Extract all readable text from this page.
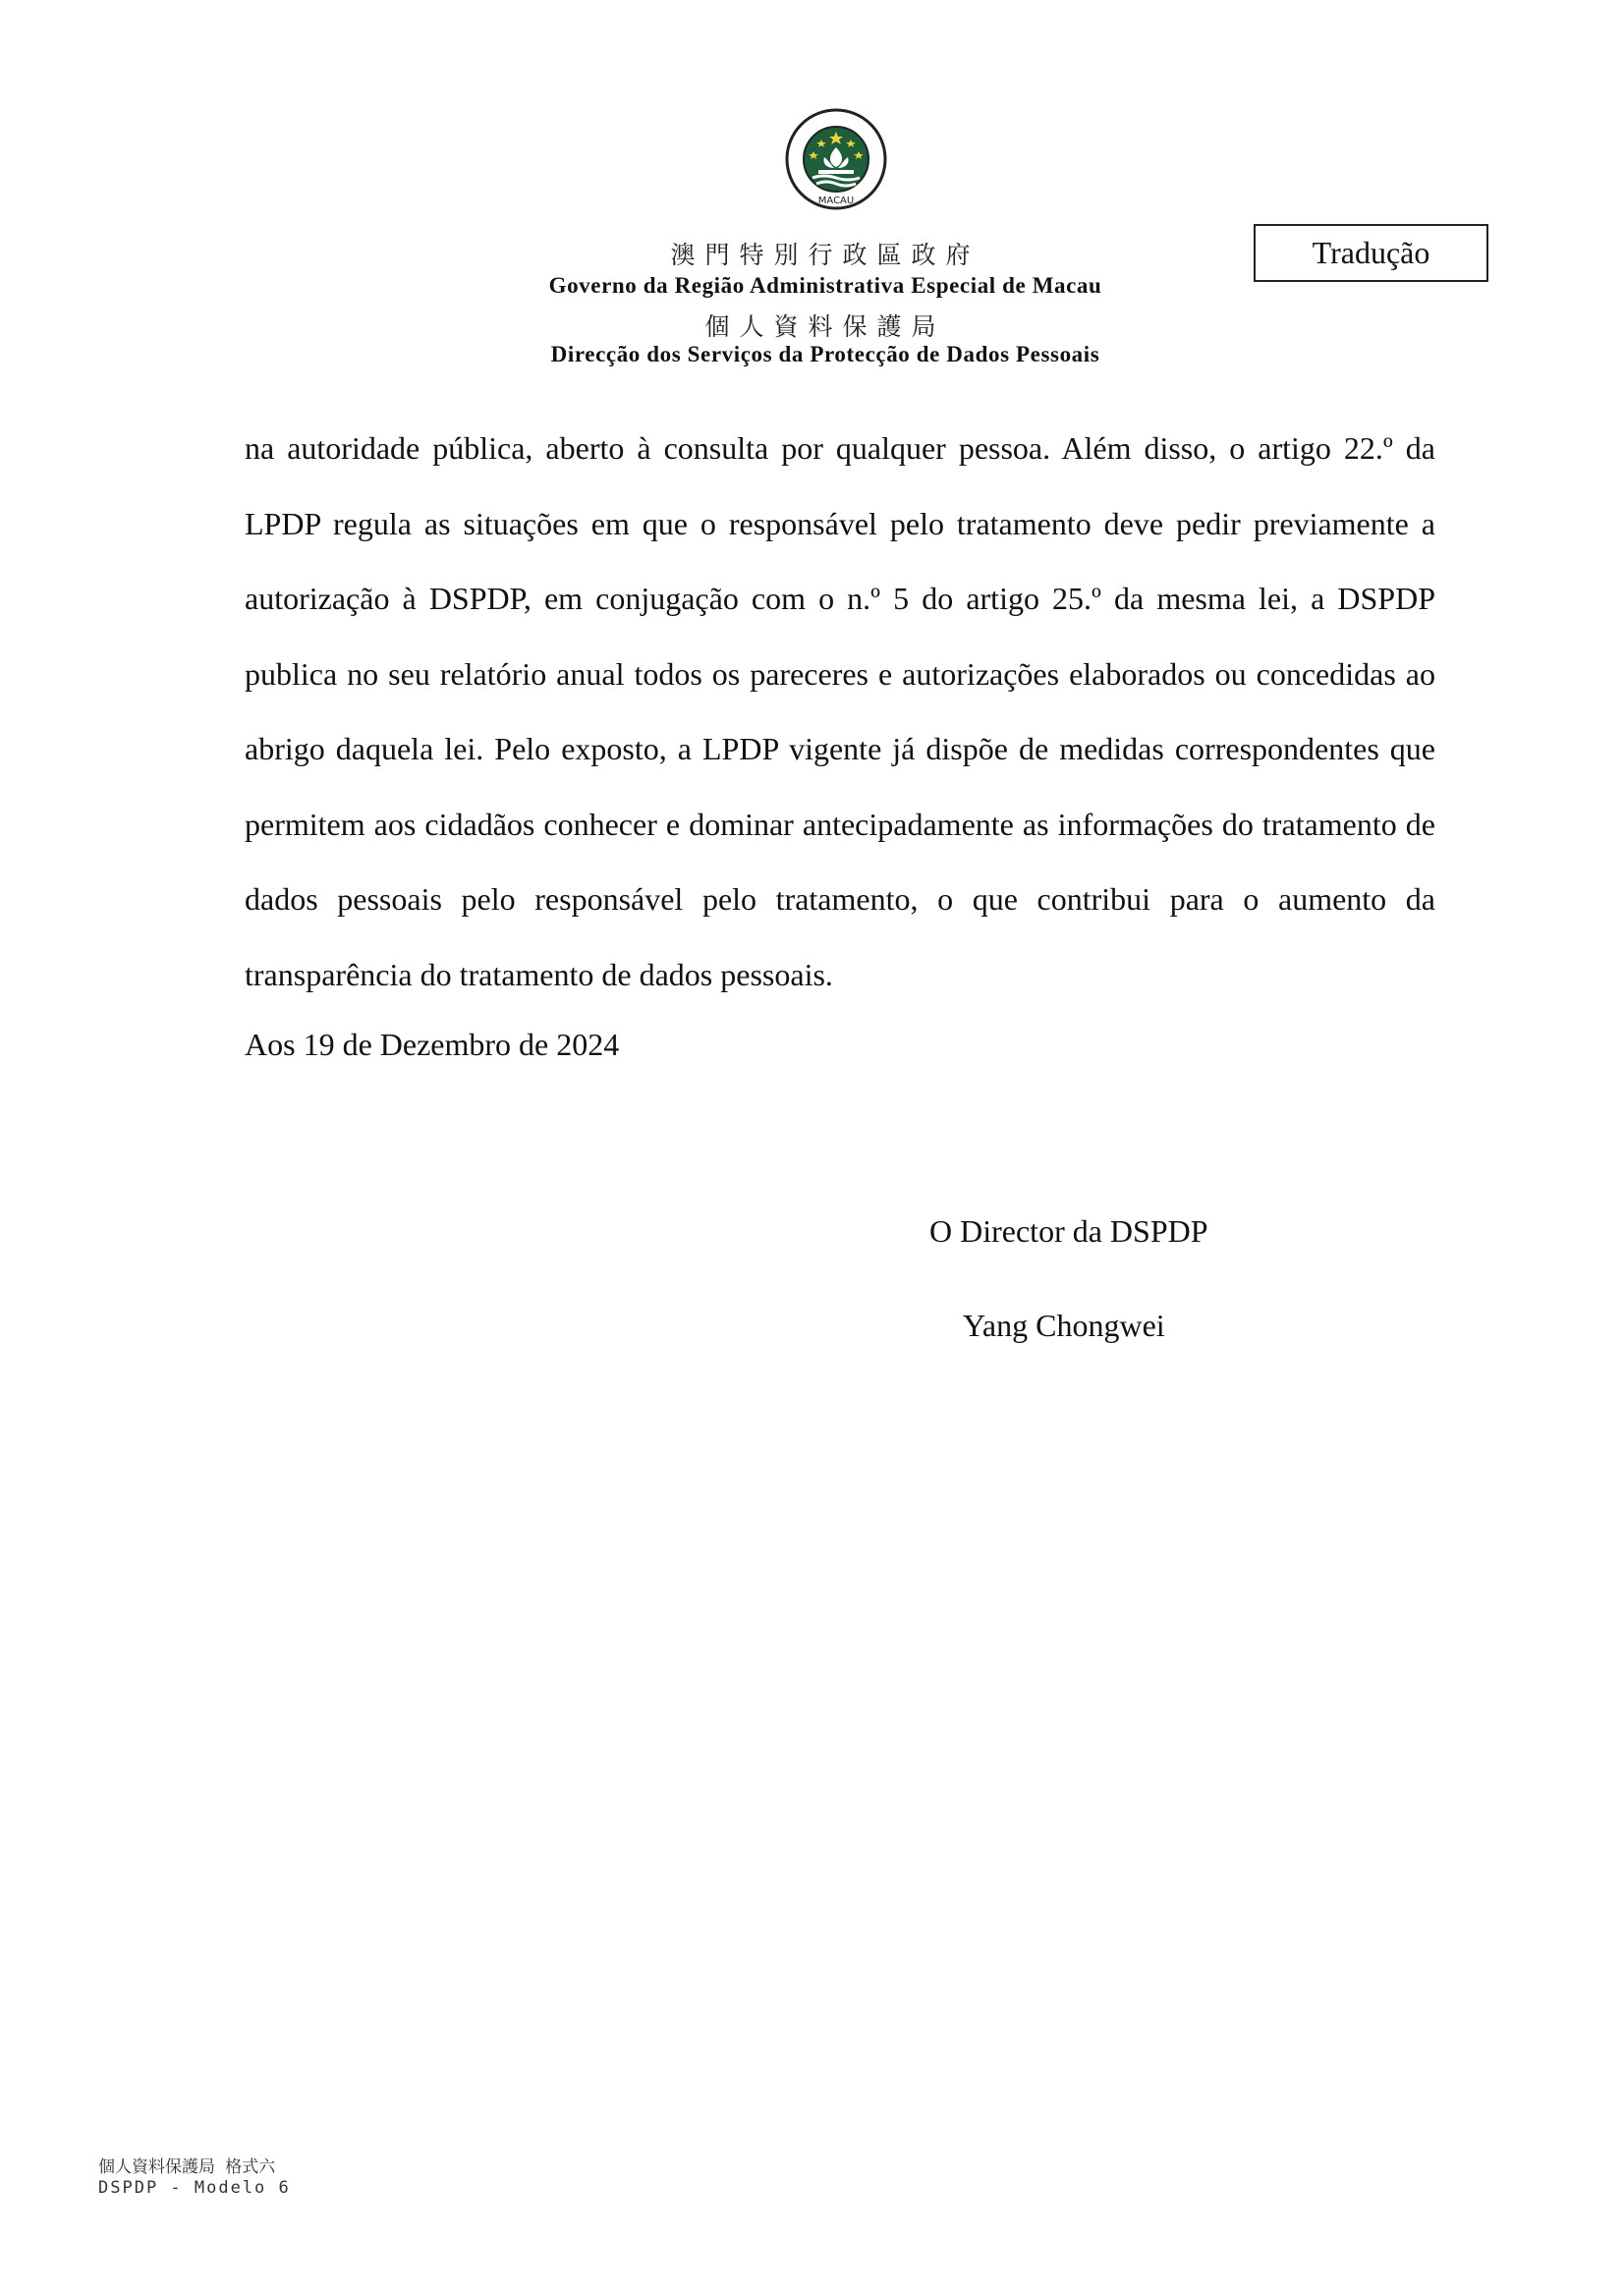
MACAU
澳門特別行政區政府
Governo da Região Administrativa Especial de Macau
個人資料保護局
Direcção dos Serviços da Protecção de Dados Pessoais
Tradução

na autoridade pública, aberto à consulta por qualquer pessoa. Além disso, o artigo 22.º da LPDP regula as situações em que o responsável pelo tratamento deve pedir previamente a autorização à DSPDP, em conjugação com o n.º 5 do artigo 25.º da mesma lei, a DSPDP publica no seu relatório anual todos os pareceres e autorizações elaborados ou concedidas ao abrigo daquela lei. Pelo exposto, a LPDP vigente já dispõe de medidas correspondentes que permitem aos cidadãos conhecer e dominar antecipadamente as informações do tratamento de dados pessoais pelo responsável pelo tratamento, o que contribui para o aumento da transparência do tratamento de dados pessoais.

Aos 19 de Dezembro de 2024
O Director da DSPDP
Yang Chongwei
個人資料保護局 格式六
DSPDP - Modelo 6
